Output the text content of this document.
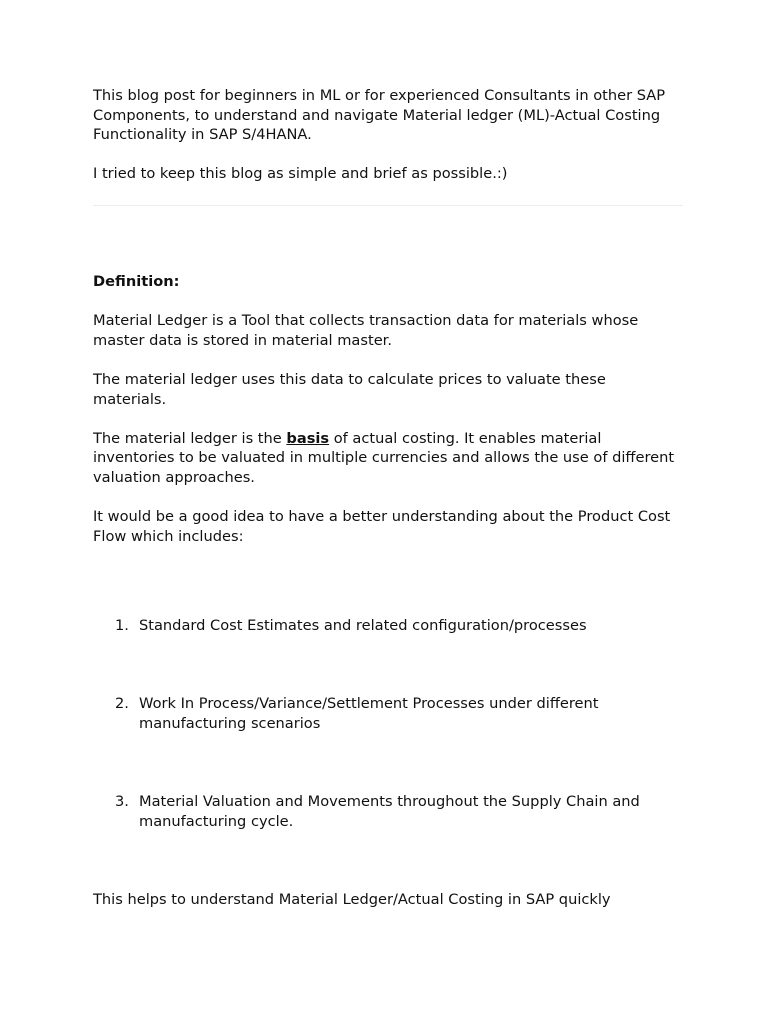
This blog post for beginners in ML or for experienced Consultants in other SAP Components, to understand and navigate Material ledger (ML)-Actual Costing Functionality in SAP S/4HANA.

I tried to keep this blog as simple and brief as possible.:)

Definition:

Material Ledger is a Tool that collects transaction data for materials whose master data is stored in material master.

The material ledger uses this data to calculate prices to valuate these materials.

The material ledger is the basis of actual costing. It enables material inventories to be valuated in multiple currencies and allows the use of different valuation approaches.

It would be a good idea to have a better understanding about the Product Cost Flow which includes:

1. Standard Cost Estimates and related configuration/processes
2. Work In Process/Variance/Settlement Processes under different manufacturing scenarios
3. Material Valuation and Movements throughout the Supply Chain and manufacturing cycle.

This helps to understand Material Ledger/Actual Costing in SAP quickly
